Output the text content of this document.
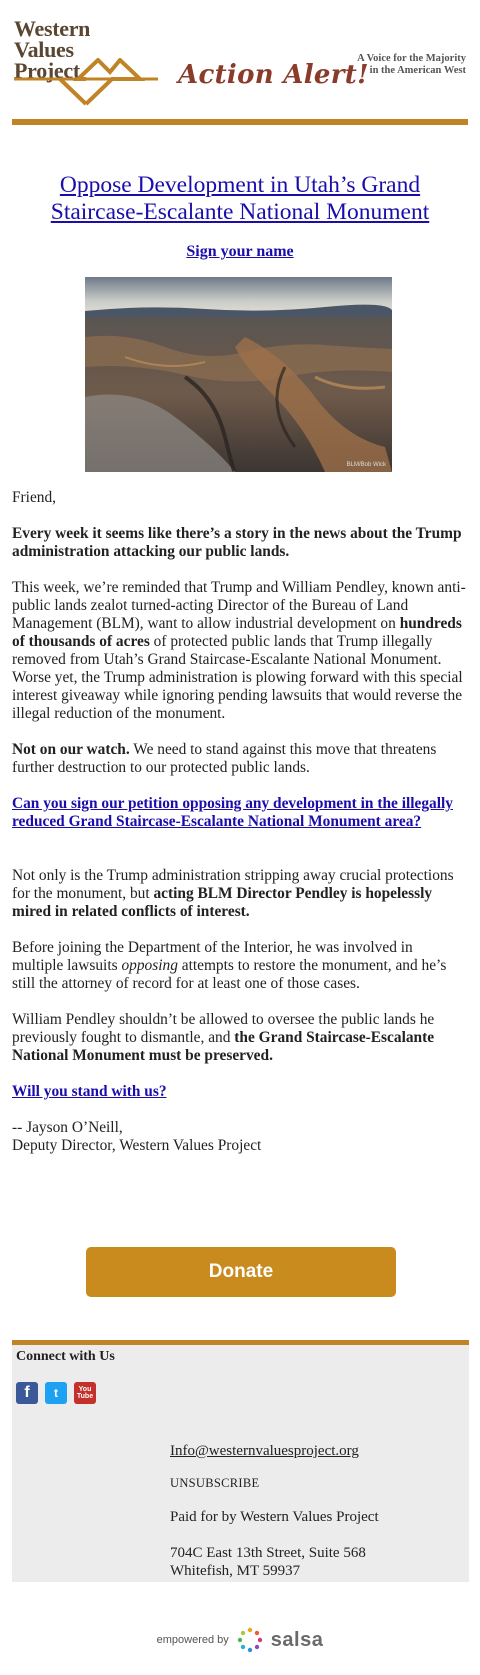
Western
Values
Project	Action Alert!
A Voice for the Majority
in the American West
Oppose Development in Utah’s Grand Staircase-Escalante National Monument
Sign your name
BLM/Bob Wick

Friend,

Every week it seems like there’s a story in the news about the Trump administration attacking our public lands.

This week, we’re reminded that Trump and William Pendley, known anti-public lands zealot turned-acting Director of the Bureau of Land Management (BLM), want to allow industrial development on hundreds of thousands of acres of protected public lands that Trump illegally removed from Utah’s Grand Staircase-Escalante National Monument. Worse yet, the Trump administration is plowing forward with this special interest giveaway while ignoring pending lawsuits that would reverse the illegal reduction of the monument.

Not on our watch. We need to stand against this move that threatens further destruction to our protected public lands.

Can you sign our petition opposing any development in the illegally reduced Grand Staircase-Escalante National Monument area?

Not only is the Trump administration stripping away crucial protections for the monument, but acting BLM Director Pendley is hopelessly mired in related conflicts of interest.

Before joining the Department of the Interior, he was involved in multiple lawsuits opposing attempts to restore the monument, and he’s still the attorney of record for at least one of those cases.

William Pendley shouldn’t be allowed to oversee the public lands he previously fought to dismantle, and the Grand Staircase-Escalante National Monument must be preserved.

Will you stand with us?

-- Jayson O’Neill,

Deputy Director, Western Values Project

Donate
Connect with Us
f t	You
Tube
Info@westernvaluesproject.org
UNSUBSCRIBE
Paid for by Western Values Project
704C East 13th Street, Suite 568
Whitefish, MT 59937
empowered by salsa
